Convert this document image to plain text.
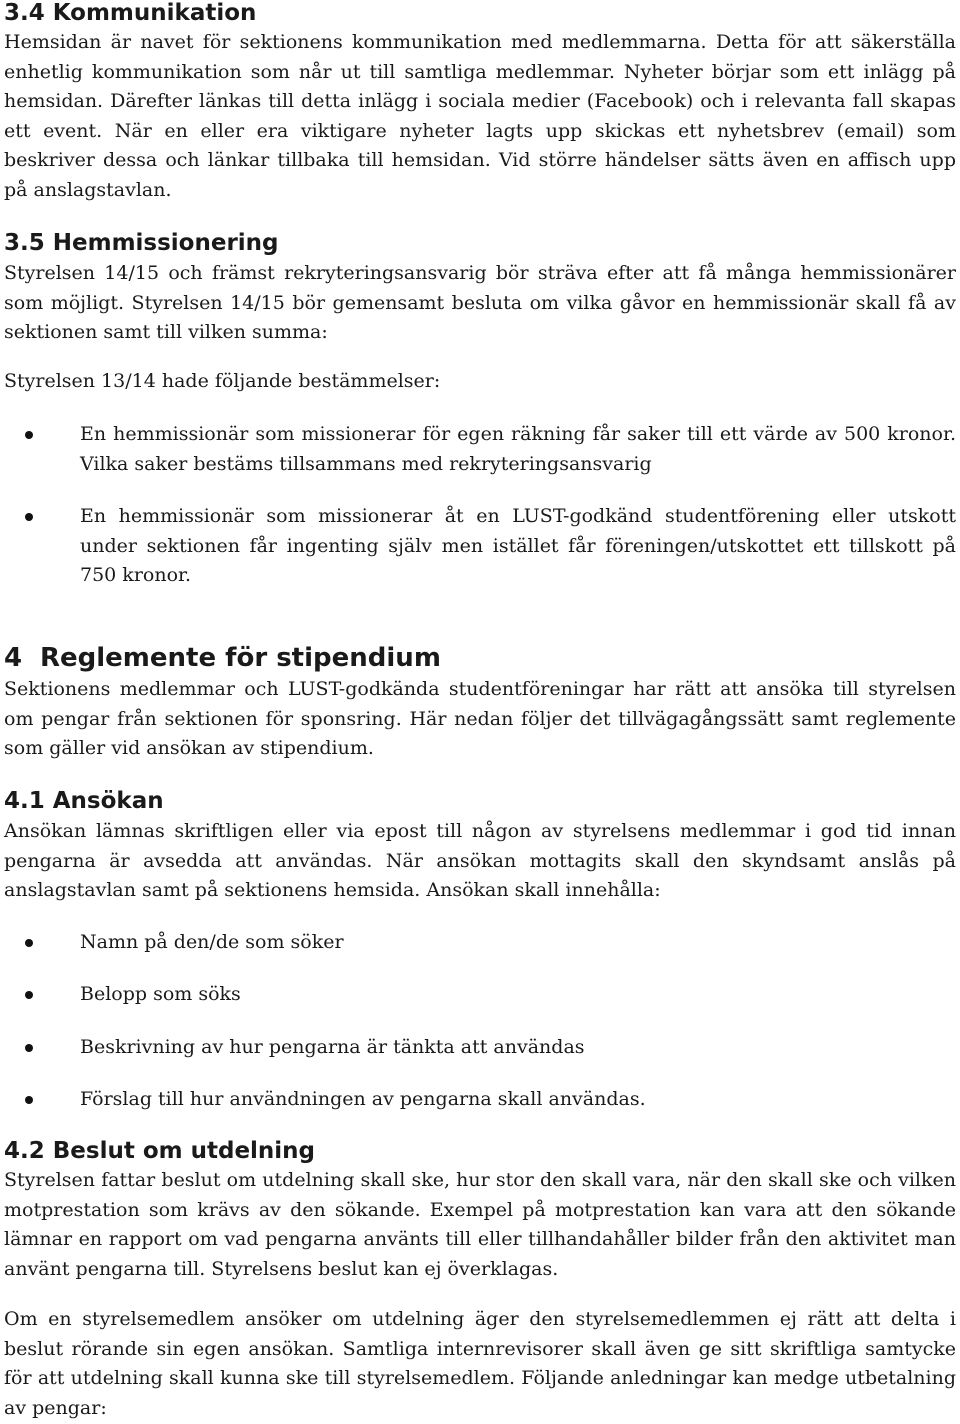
3.4 Kommunikation

Hemsidan är navet för sektionens kommunikation med medlemmarna. Detta för att säkerställa enhetlig kommunikation som når ut till samtliga medlemmar. Nyheter börjar som ett inlägg på hemsidan. Därefter länkas till detta inlägg i sociala medier (Facebook) och i relevanta fall skapas ett event. När en eller era viktigare nyheter lagts upp skickas ett nyhetsbrev (email) som beskriver dessa och länkar tillbaka till hemsidan. Vid större händelser sätts även en affisch upp på anslagstavlan.

3.5 Hemmissionering

Styrelsen 14/15 och främst rekryteringsansvarig bör sträva efter att få många hemmissionärer som möjligt. Styrelsen 14/15 bör gemensamt besluta om vilka gåvor en hemmissionär skall få av sektionen samt till vilken summa:

Styrelsen 13/14 hade följande bestämmelser:

En hemmissionär som missionerar för egen räkning får saker till ett värde av 500 kronor. Vilka saker bestäms tillsammans med rekryteringsansvarig
En hemmissionär som missionerar åt en LUST-godkänd studentförening eller utskott under sektionen får ingenting själv men istället får föreningen/utskottet ett tillskott på 750 kronor.
4 Reglemente för stipendium

Sektionens medlemmar och LUST-godkända studentföreningar har rätt att ansöka till styrelsen om pengar från sektionen för sponsring. Här nedan följer det tillvägagångssätt samt reglemente som gäller vid ansökan av stipendium.

4.1 Ansökan

Ansökan lämnas skriftligen eller via epost till någon av styrelsens medlemmar i god tid innan pengarna är avsedda att användas. När ansökan mottagits skall den skyndsamt anslås på anslagstavlan samt på sektionens hemsida. Ansökan skall innehålla:

Namn på den/de som söker
Belopp som söks
Beskrivning av hur pengarna är tänkta att användas
Förslag till hur användningen av pengarna skall användas.
4.2 Beslut om utdelning

Styrelsen fattar beslut om utdelning skall ske, hur stor den skall vara, när den skall ske och vilken motprestation som krävs av den sökande. Exempel på motprestation kan vara att den sökande lämnar en rapport om vad pengarna använts till eller tillhandahåller bilder från den aktivitet man använt pengarna till. Styrelsens beslut kan ej överklagas.

Om en styrelsemedlem ansöker om utdelning äger den styrelsemedlemmen ej rätt att delta i beslut rörande sin egen ansökan. Samtliga internrevisorer skall även ge sitt skriftliga samtycke för att utdelning skall kunna ske till styrelsemedlem. Följande anledningar kan medge utbetalning av pengar:
